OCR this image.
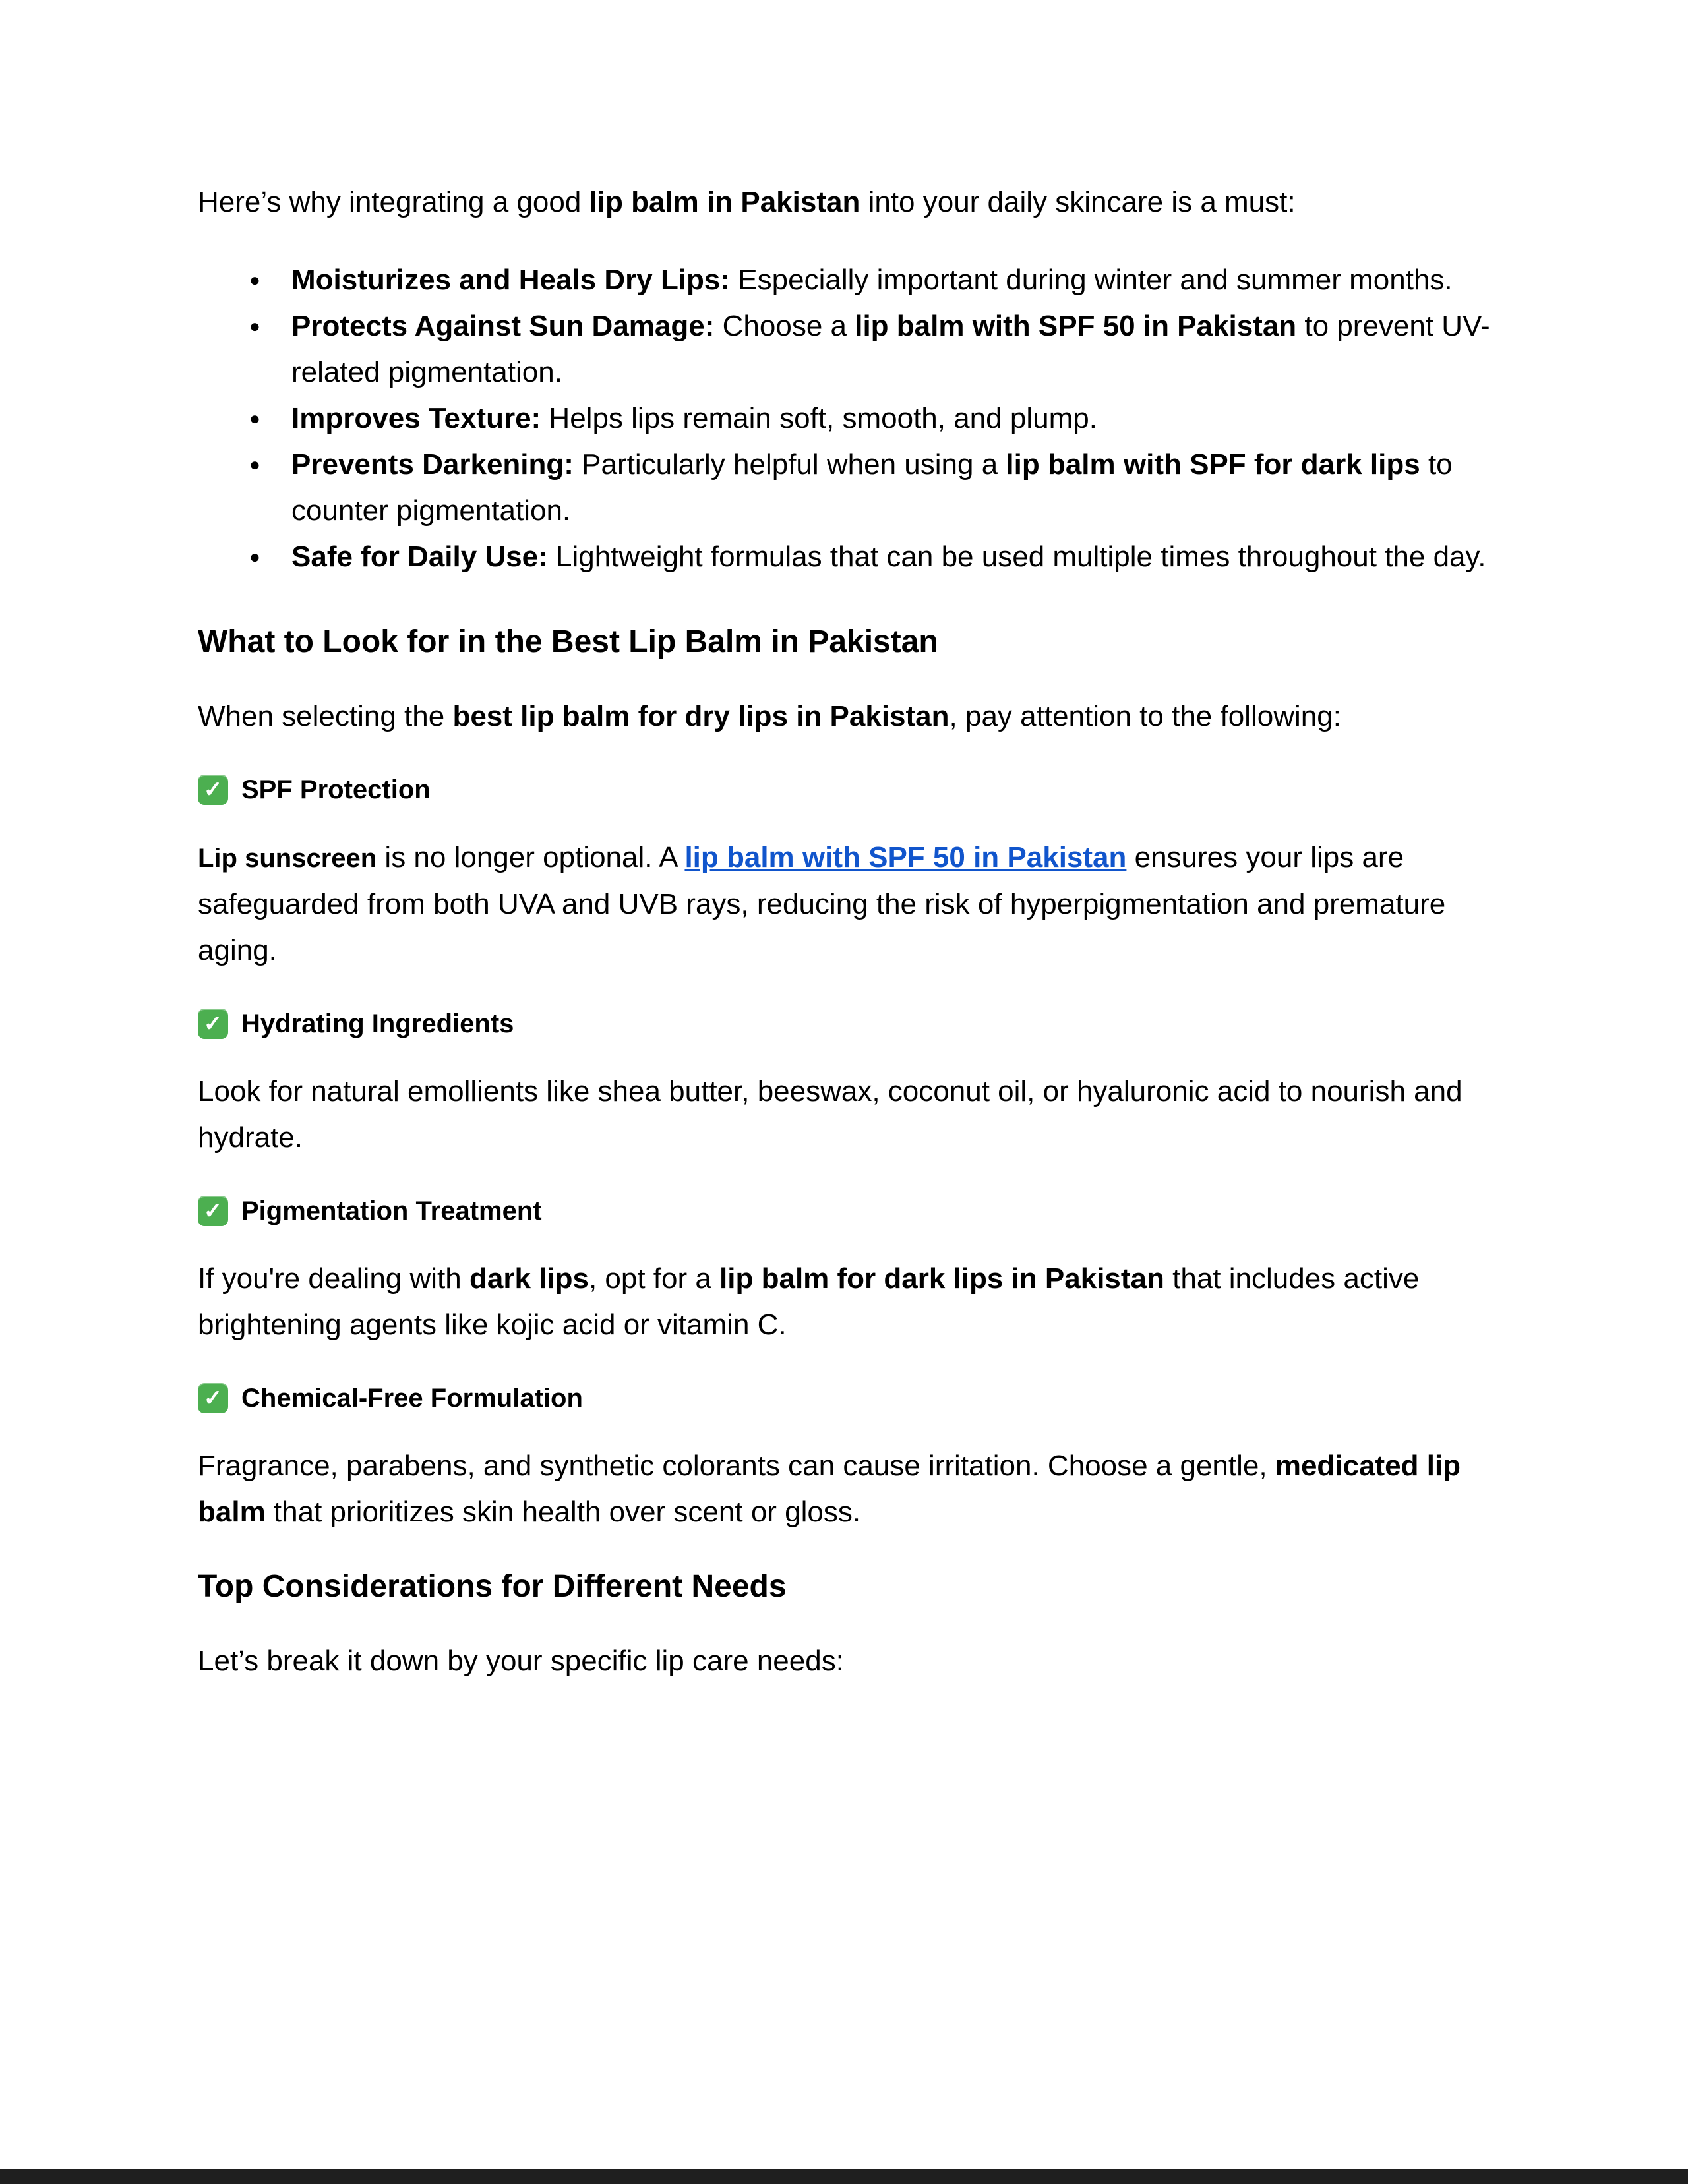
Here’s why integrating a good lip balm in Pakistan into your daily skincare is a must:

● Moisturizes and Heals Dry Lips: Especially important during winter and summer months.
● Protects Against Sun Damage: Choose a lip balm with SPF 50 in Pakistan to prevent UV-related pigmentation.
● Improves Texture: Helps lips remain soft, smooth, and plump.
● Prevents Darkening: Particularly helpful when using a lip balm with SPF for dark lips to counter pigmentation.
● Safe for Daily Use: Lightweight formulas that can be used multiple times throughout the day.
What to Look for in the Best Lip Balm in Pakistan

When selecting the best lip balm for dry lips in Pakistan, pay attention to the following:

✓ SPF Protection

Lip sunscreen is no longer optional. A lip balm with SPF 50 in Pakistan ensures your lips are safeguarded from both UVA and UVB rays, reducing the risk of hyperpigmentation and premature aging.

✓ Hydrating Ingredients

Look for natural emollients like shea butter, beeswax, coconut oil, or hyaluronic acid to nourish and hydrate.

✓ Pigmentation Treatment

If you're dealing with dark lips, opt for a lip balm for dark lips in Pakistan that includes active brightening agents like kojic acid or vitamin C.

✓ Chemical-Free Formulation

Fragrance, parabens, and synthetic colorants can cause irritation. Choose a gentle, medicated lip balm that prioritizes skin health over scent or gloss.

Top Considerations for Different Needs

Let’s break it down by your specific lip care needs:
